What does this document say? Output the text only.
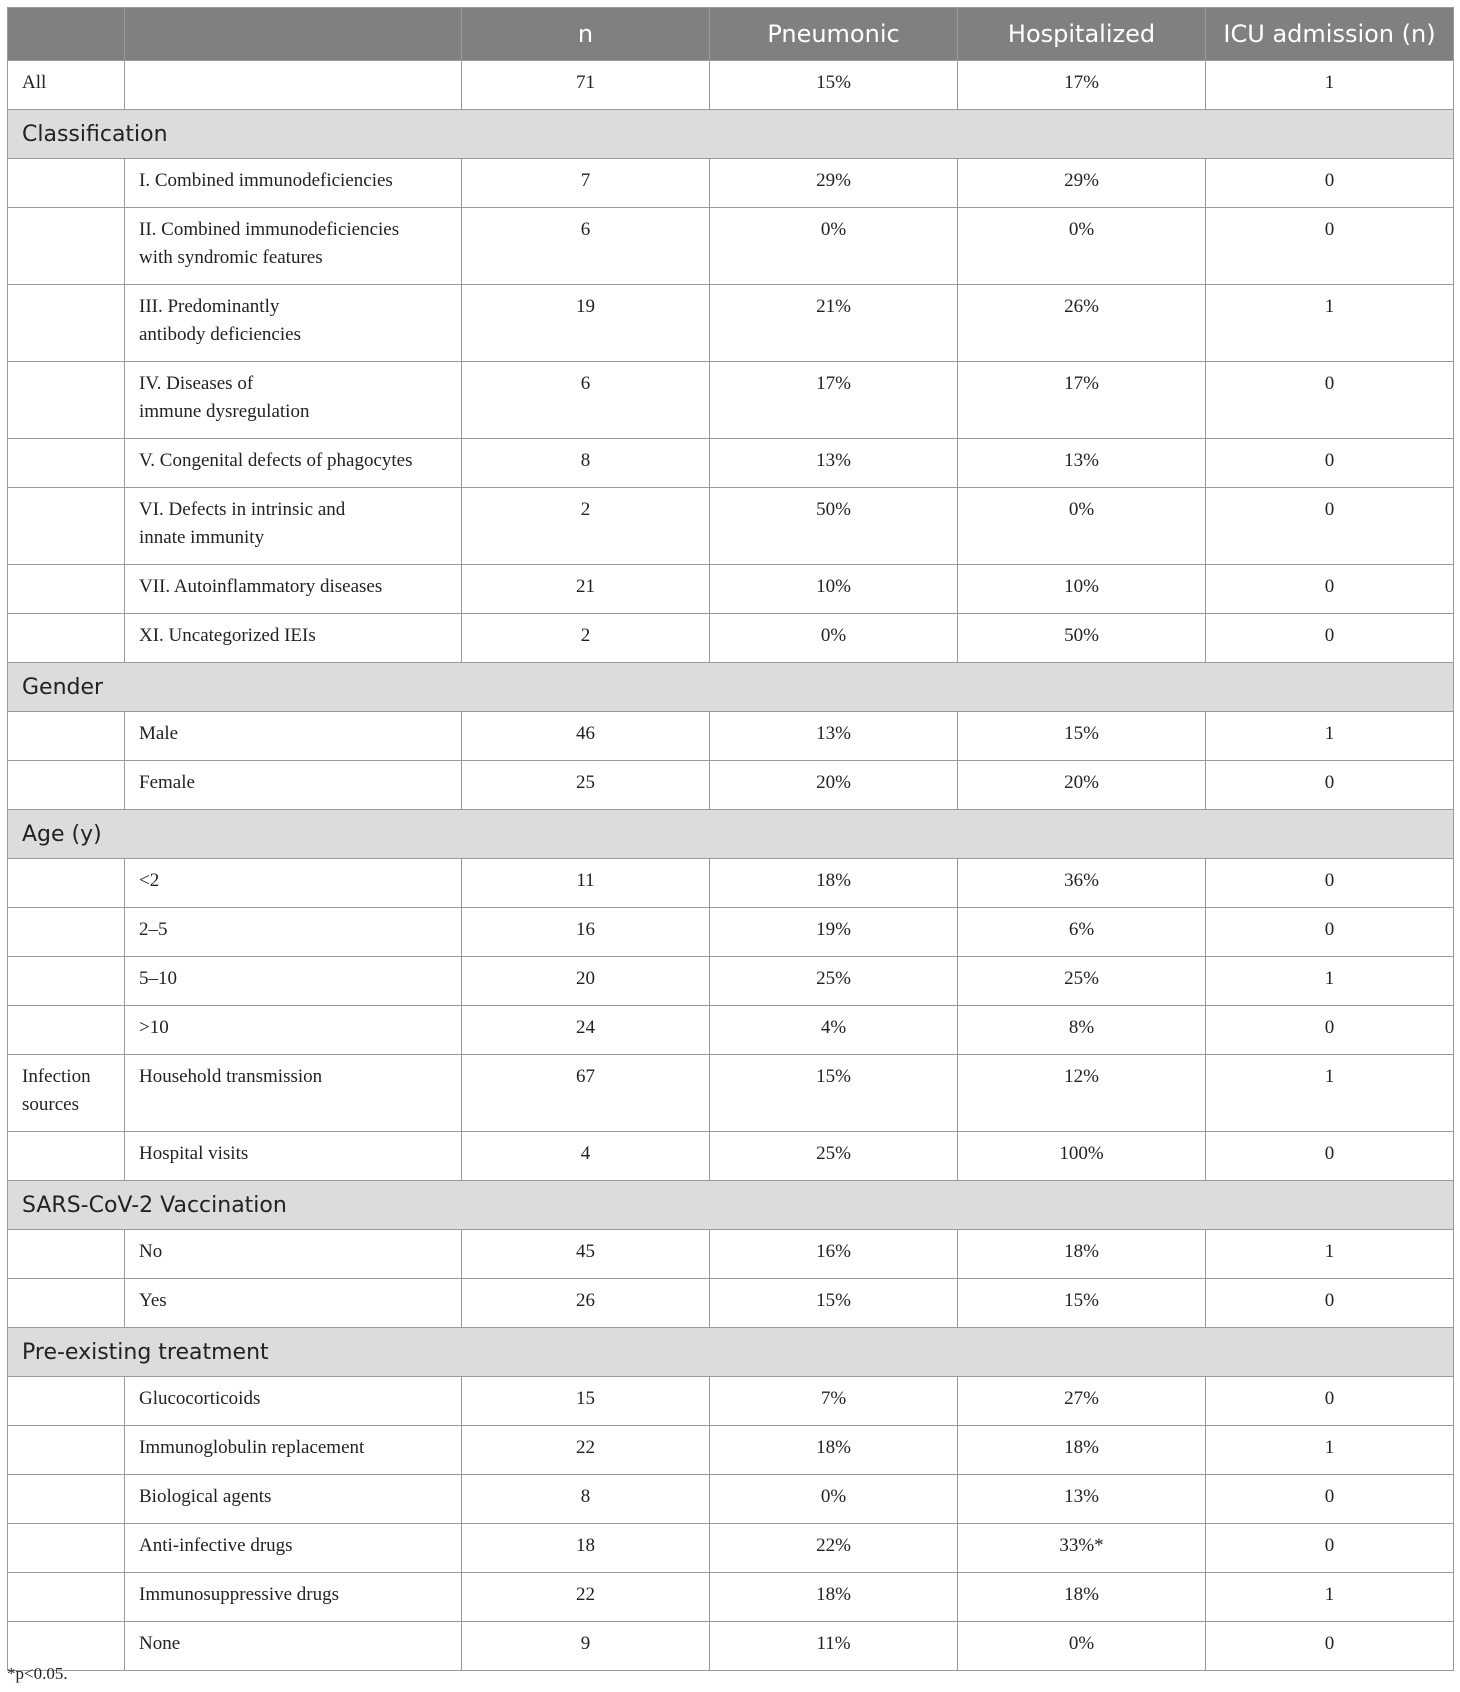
		n	Pneumonic	Hospitalized	ICU admission (n)
All		71	15%	17%	1
Classification					
	I. Combined immunodeficiencies	7	29%	29%	0
	II. Combined immunodeficiencies
with syndromic features	6	0%	0%	0
	III. Predominantly
antibody deficiencies	19	21%	26%	1
	IV. Diseases of
immune dysregulation	6	17%	17%	0
	V. Congenital defects of phagocytes	8	13%	13%	0
	VI. Defects in intrinsic and
innate immunity	2	50%	0%	0
	VII. Autoinflammatory diseases	21	10%	10%	0
	XI. Uncategorized IEIs	2	0%	50%	0
Gender					
	Male	46	13%	15%	1
	Female	25	20%	20%	0
Age (y)					
	<2	11	18%	36%	0
	2–5	16	19%	6%	0
	5–10	20	25%	25%	1
	>10	24	4%	8%	0
Infection
sources	Household transmission	67	15%	12%	1
	Hospital visits	4	25%	100%	0
SARS-CoV-2 Vaccination					
	No	45	16%	18%	1
	Yes	26	15%	15%	0
Pre-existing treatment					
	Glucocorticoids	15	7%	27%	0
	Immunoglobulin replacement	22	18%	18%	1
	Biological agents	8	0%	13%	0
	Anti-infective drugs	18	22%	33%*	0
	Immunosuppressive drugs	22	18%	18%	1
	None	9	11%	0%	0
*p<0.05.
